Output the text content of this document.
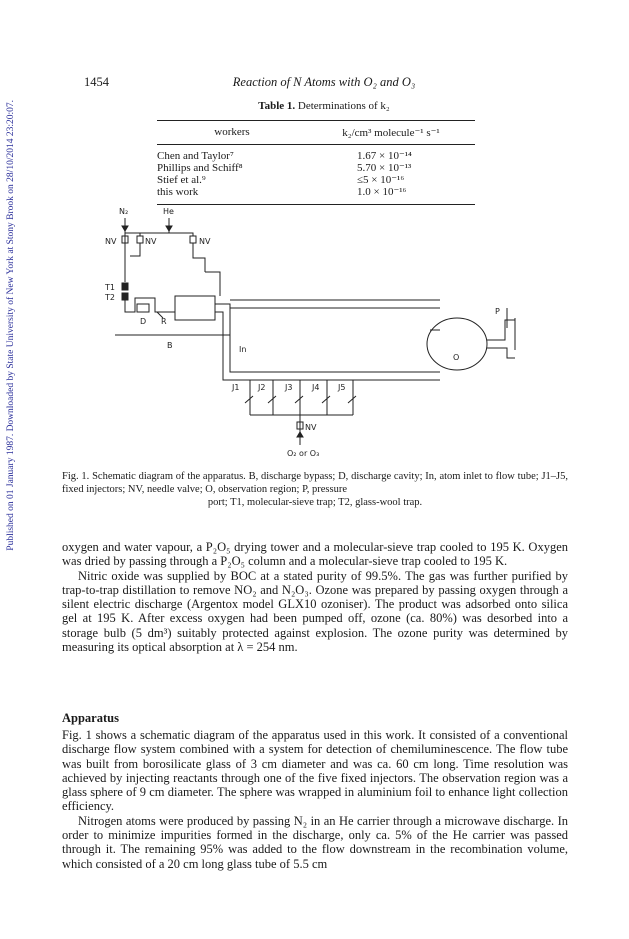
Published on 01 January 1987. Downloaded by State University of New York at Stony Brook on 28/10/2014 23:20:07.
1454	Reaction of N Atoms with O₂ and O₃
Table 1. Determinations of k₂
workers	k₂/cm³ molecule⁻¹ s⁻¹
Chen and Taylor⁷	1.67 × 10⁻¹⁴
Phillips and Schiff⁸	5.70 × 10⁻¹³
Stief et al.⁹	≤5 × 10⁻¹⁶
this work	1.0 × 10⁻¹⁶
N₂	He
NV	NV	NV
T1
T2
D R
B	In
O
P
J1 J2 J3 J4 J5
NV
O₂ or O₃
Fig. 1. Schematic diagram of the apparatus. B, discharge bypass; D, discharge cavity; In, atom inlet to flow tube; J1–J5, fixed injectors; NV, needle valve; O, observation region; P, pressure
port; T1, molecular-sieve trap; T2, glass-wool trap.

oxygen and water vapour, a P₂O₅ drying tower and a molecular-sieve trap cooled to 195 K. Oxygen was dried by passing through a P₂O₅ column and a molecular-sieve trap cooled to 195 K.

Nitric oxide was supplied by BOC at a stated purity of 99.5%. The gas was further purified by trap-to-trap distillation to remove NO₂ and N₂O₃. Ozone was prepared by passing oxygen through a silent electric discharge (Argentox model GLX10 ozoniser). The product was adsorbed onto silica gel at 195 K. After excess oxygen had been pumped off, ozone (ca. 80%) was desorbed into a storage bulb (5 dm³) suitably protected against explosion. The ozone purity was determined by measuring its optical absorption at λ = 254 nm.

Apparatus

Fig. 1 shows a schematic diagram of the apparatus used in this work. It consisted of a conventional discharge flow system combined with a system for detection of chemiluminescence. The flow tube was built from borosilicate glass of 3 cm diameter and was ca. 60 cm long. Time resolution was achieved by injecting reactants through one of the five fixed injectors. The observation region was a glass sphere of 9 cm diameter. The sphere was wrapped in aluminium foil to enhance light collection efficiency.

Nitrogen atoms were produced by passing N₂ in an He carrier through a microwave discharge. In order to minimize impurities formed in the discharge, only ca. 5% of the He carrier was passed through it. The remaining 95% was added to the flow downstream in the recombination volume, which consisted of a 20 cm long glass tube of 5.5 cm
